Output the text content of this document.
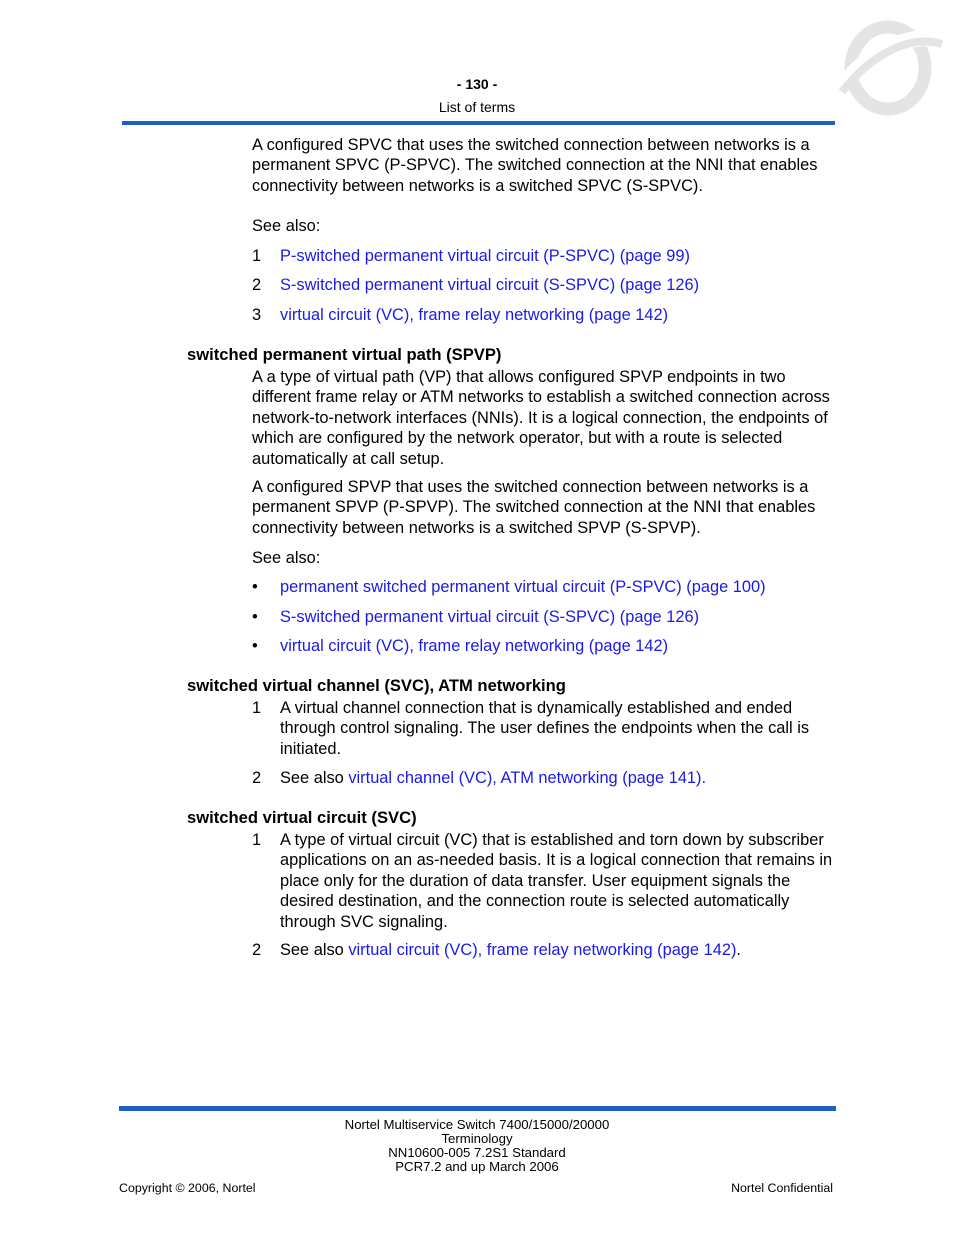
- 130 -
List of terms
A configured SPVC that uses the switched connection between networks is a permanent SPVC (P-SPVC). The switched connection at the NNI that enables connectivity between networks is a switched SPVC (S-SPVC).
See also:
1 P-switched permanent virtual circuit (P-SPVC) (page 99)
2 S-switched permanent virtual circuit (S-SPVC) (page 126)
3 virtual circuit (VC), frame relay networking (page 142)
switched permanent virtual path (SPVP)
A a type of virtual path (VP) that allows configured SPVP endpoints in two different frame relay or ATM networks to establish a switched connection across network-to-network interfaces (NNIs). It is a logical connection, the endpoints of which are configured by the network operator, but with a route is selected automatically at call setup.
A configured SPVP that uses the switched connection between networks is a permanent SPVP (P-SPVP). The switched connection at the NNI that enables connectivity between networks is a switched SPVP (S-SPVP).
See also:
• permanent switched permanent virtual circuit (P-SPVC) (page 100)
• S-switched permanent virtual circuit (S-SPVC) (page 126)
• virtual circuit (VC), frame relay networking (page 142)
switched virtual channel (SVC), ATM networking
1 A virtual channel connection that is dynamically established and ended through control signaling. The user defines the endpoints when the call is initiated.
2 See also virtual channel (VC), ATM networking (page 141).
switched virtual circuit (SVC)
1 A type of virtual circuit (VC) that is established and torn down by subscriber applications on an as-needed basis. It is a logical connection that remains in place only for the duration of data transfer. User equipment signals the desired destination, and the connection route is selected automatically through SVC signaling.
2 See also virtual circuit (VC), frame relay networking (page 142).
Nortel Multiservice Switch 7400/15000/20000
Terminology
NN10600-005 7.2S1 Standard
PCR7.2 and up March 2006
Copyright © 2006, Nortel	Nortel Confidential
